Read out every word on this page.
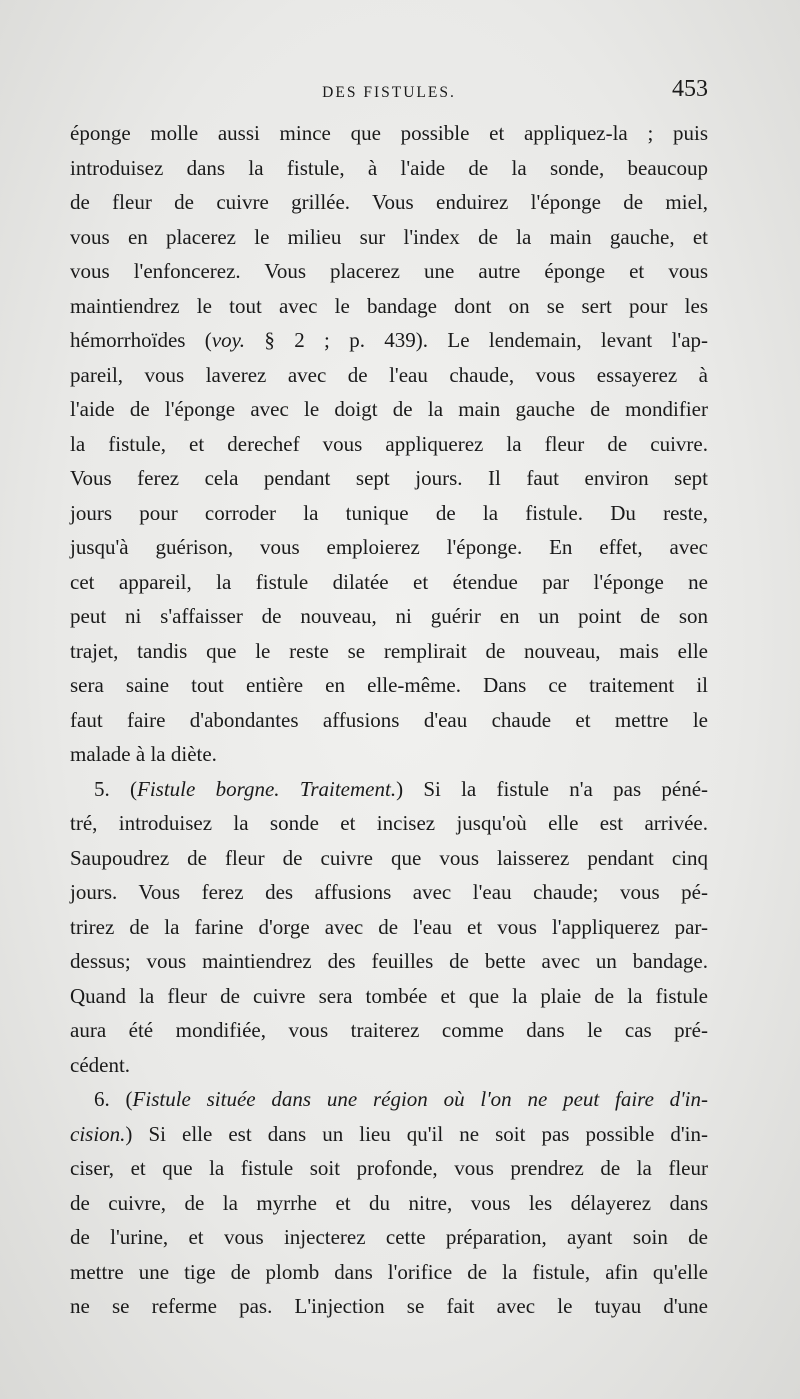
DES FISTULES.	453
éponge molle aussi mince que possible et appliquez-la ; puis
introduisez dans la fistule, à l'aide de la sonde, beaucoup
de fleur de cuivre grillée. Vous enduirez l'éponge de miel,
vous en placerez le milieu sur l'index de la main gauche, et
vous l'enfoncerez. Vous placerez une autre éponge et vous
maintiendrez le tout avec le bandage dont on se sert pour les
hémorrhoïdes (voy. § 2 ; p. 439). Le lendemain, levant l'ap-
pareil, vous laverez avec de l'eau chaude, vous essayerez à
l'aide de l'éponge avec le doigt de la main gauche de mondifier
la fistule, et derechef vous appliquerez la fleur de cuivre.
Vous ferez cela pendant sept jours. Il faut environ sept
jours pour corroder la tunique de la fistule. Du reste,
jusqu'à guérison, vous emploierez l'éponge. En effet, avec
cet appareil, la fistule dilatée et étendue par l'éponge ne
peut ni s'affaisser de nouveau, ni guérir en un point de son
trajet, tandis que le reste se remplirait de nouveau, mais elle
sera saine tout entière en elle-même. Dans ce traitement il
faut faire d'abondantes affusions d'eau chaude et mettre le
malade à la diète.
5. (Fistule borgne. Traitement.) Si la fistule n'a pas péné-
tré, introduisez la sonde et incisez jusqu'où elle est arrivée.
Saupoudrez de fleur de cuivre que vous laisserez pendant cinq
jours. Vous ferez des affusions avec l'eau chaude; vous pé-
trirez de la farine d'orge avec de l'eau et vous l'appliquerez par-
dessus; vous maintiendrez des feuilles de bette avec un bandage.
Quand la fleur de cuivre sera tombée et que la plaie de la fistule
aura été mondifiée, vous traiterez comme dans le cas pré-
cédent.
6. (Fistule située dans une région où l'on ne peut faire d'in-
cision.) Si elle est dans un lieu qu'il ne soit pas possible d'in-
ciser, et que la fistule soit profonde, vous prendrez de la fleur
de cuivre, de la myrrhe et du nitre, vous les délayerez dans
de l'urine, et vous injecterez cette préparation, ayant soin de
mettre une tige de plomb dans l'orifice de la fistule, afin qu'elle
ne se referme pas. L'injection se fait avec le tuyau d'une
